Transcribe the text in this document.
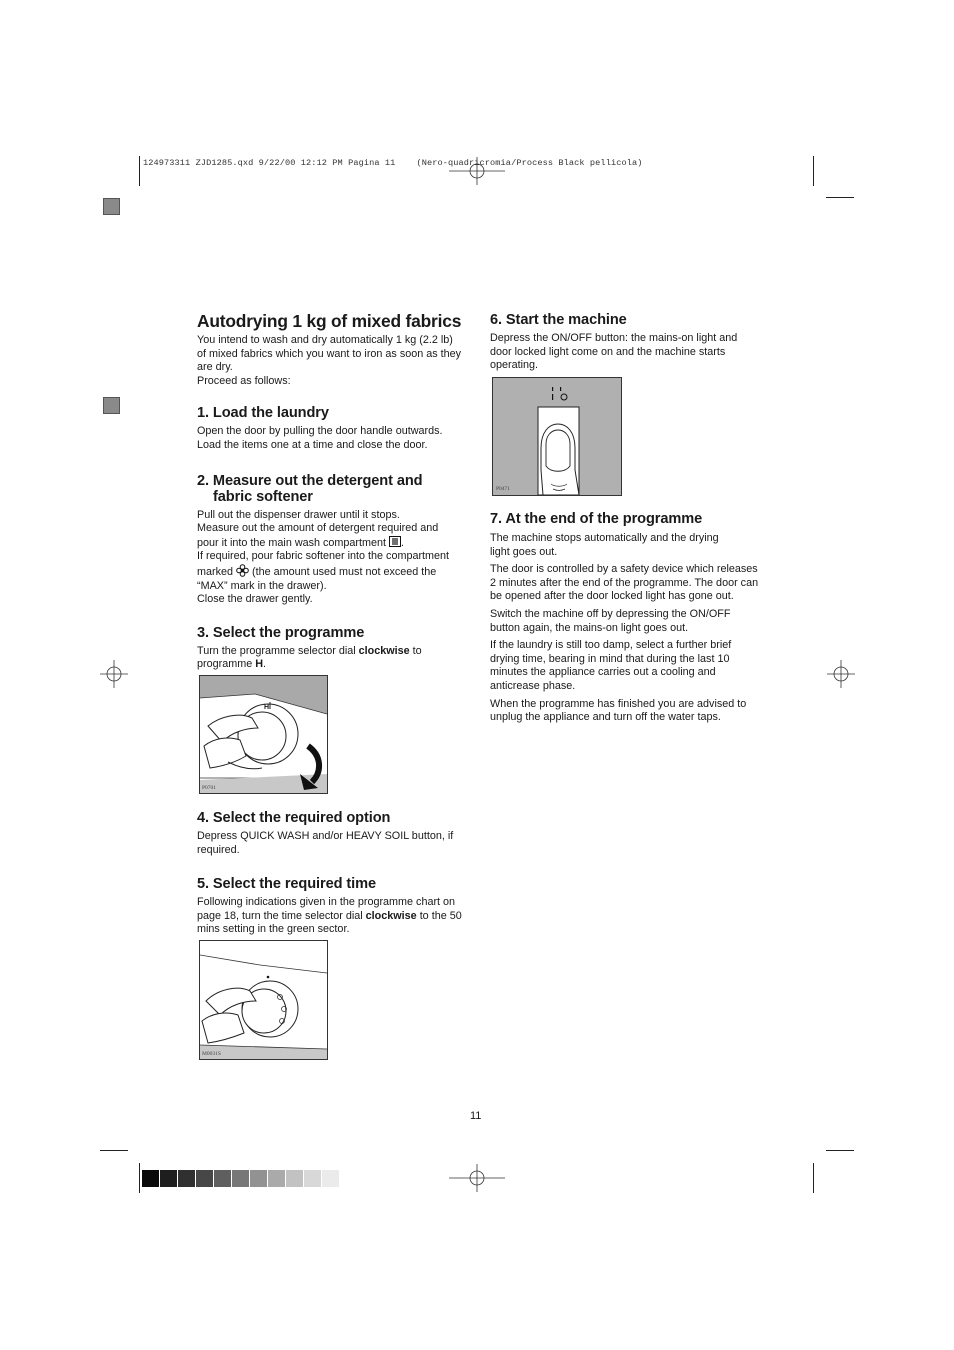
124973311 ZJD1285.qxd 9/22/00 12:12 PM Pagina 11 (Nero-quadricromia/Process Black pellicola)
Autodrying 1 kg of mixed fabrics

You intend to wash and dry automatically 1 kg (2.2 lb) of mixed fabrics which you want to iron as soon as they are dry.

Proceed as follows:

1. Load the laundry

Open the door by pulling the door handle outwards. Load the items one at a time and close the door.

2. Measure out the detergent and
fabric softener

Pull out the dispenser drawer until it stops.

Measure out the amount of detergent required and pour it into the main wash compartment .

If required, pour fabric softener into the compartment marked (the amount used must not exceed the “MAX” mark in the drawer).

Close the drawer gently.

3. Select the programme

Turn the programme selector dial clockwise to programme H.

H
P0701
4. Select the required option

Depress QUICK WASH and/or HEAVY SOIL button, if required.

5. Select the required time

Following indications given in the programme chart on page 18, turn the time selector dial clockwise to the 50 mins setting in the green sector.

M0031S
6. Start the machine

Depress the ON/OFF button: the mains-on light and door locked light come on and the machine starts operating.

P0471
7. At the end of the programme

The machine stops automatically and the drying light goes out.

The door is controlled by a safety device which releases 2 minutes after the end of the programme. The door can be opened after the door locked light has gone out.

Switch the machine off by depressing the ON/OFF button again, the mains-on light goes out.

If the laundry is still too damp, select a further brief drying time, bearing in mind that during the last 10 minutes the appliance carries out a cooling and anticrease phase.

When the programme has finished you are advised to unplug the appliance and turn off the water taps.

11
